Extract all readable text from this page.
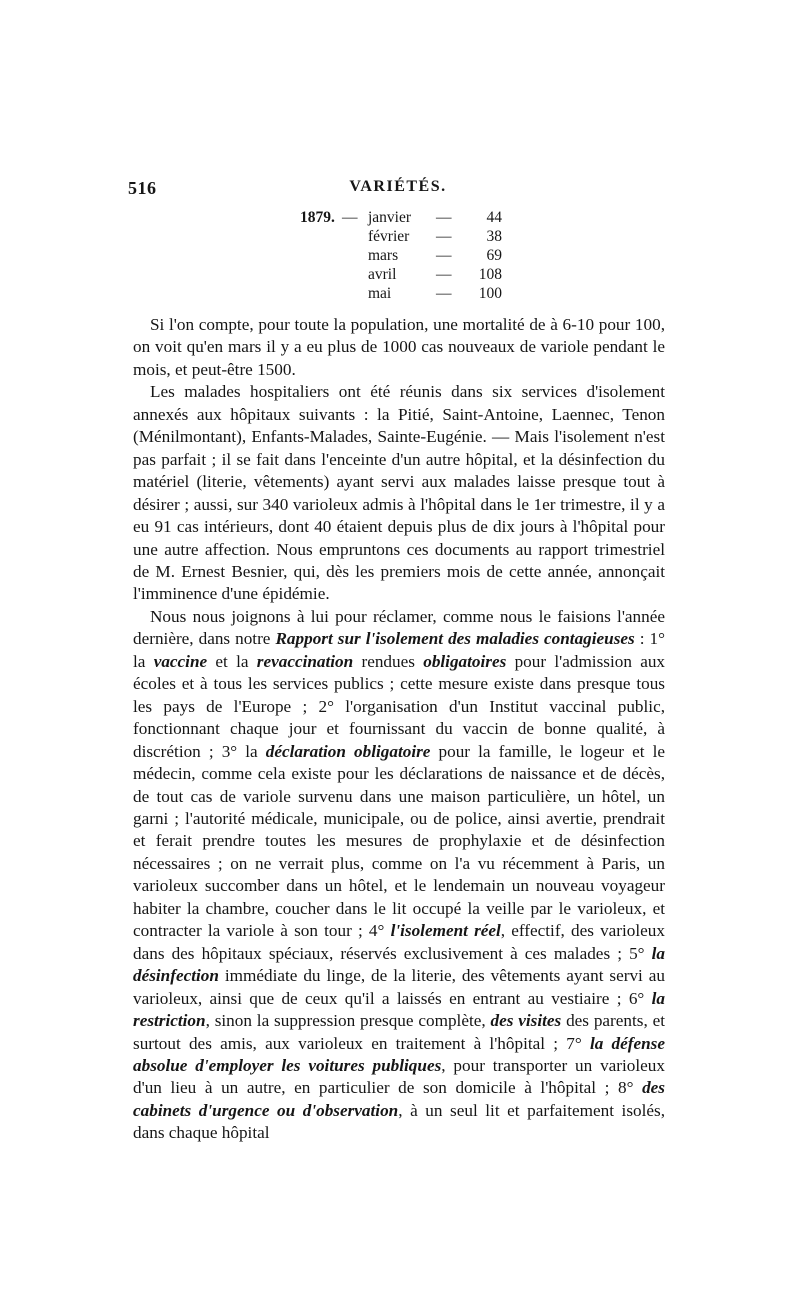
516	VARIÉTÉS.
1879. — janvier —	44
février —	38
mars —	69
avril	—	108
mai	—	100

Si l'on compte, pour toute la population, une mortalité de à 6-10 pour 100, on voit qu'en mars il y a eu plus de 1000 cas nouveaux de variole pendant le mois, et peut-être 1500.

Les malades hospitaliers ont été réunis dans six services d'isolement annexés aux hôpitaux suivants : la Pitié, Saint-Antoine, Laennec, Tenon (Ménilmontant), Enfants-Malades, Sainte-Eugénie. — Mais l'isolement n'est pas parfait ; il se fait dans l'enceinte d'un autre hôpital, et la désinfection du matériel (literie, vêtements) ayant servi aux malades laisse presque tout à désirer ; aussi, sur 340 varioleux admis à l'hôpital dans le 1er trimestre, il y a eu 91 cas intérieurs, dont 40 étaient depuis plus de dix jours à l'hôpital pour une autre affection. Nous empruntons ces documents au rapport trimestriel de M. Ernest Besnier, qui, dès les premiers mois de cette année, annonçait l'imminence d'une épidémie.

Nous nous joignons à lui pour réclamer, comme nous le faisions l'année dernière, dans notre Rapport sur l'isolement des maladies contagieuses : 1° la vaccine et la revaccination rendues obligatoires pour l'admission aux écoles et à tous les services publics ; cette mesure existe dans presque tous les pays de l'Europe ; 2° l'organisation d'un Institut vaccinal public, fonctionnant chaque jour et fournissant du vaccin de bonne qualité, à discrétion ; 3° la déclaration obligatoire pour la famille, le logeur et le médecin, comme cela existe pour les déclarations de naissance et de décès, de tout cas de variole survenu dans une maison particulière, un hôtel, un garni ; l'autorité médicale, municipale, ou de police, ainsi avertie, prendrait et ferait prendre toutes les mesures de prophylaxie et de désinfection nécessaires ; on ne verrait plus, comme on l'a vu récemment à Paris, un varioleux succomber dans un hôtel, et le lendemain un nouveau voyageur habiter la chambre, coucher dans le lit occupé la veille par le varioleux, et contracter la variole à son tour ; 4° l'isolement réel, effectif, des varioleux dans des hôpitaux spéciaux, réservés exclusivement à ces malades ; 5° la désinfection immédiate du linge, de la literie, des vêtements ayant servi au varioleux, ainsi que de ceux qu'il a laissés en entrant au vestiaire ; 6° la restriction, sinon la suppression presque complète, des visites des parents, et surtout des amis, aux varioleux en traitement à l'hôpital ; 7° la défense absolue d'employer les voitures publiques, pour transporter un varioleux d'un lieu à un autre, en particulier de son domicile à l'hôpital ; 8° des cabinets d'urgence ou d'observation, à un seul lit et parfaitement isolés, dans chaque hôpital
